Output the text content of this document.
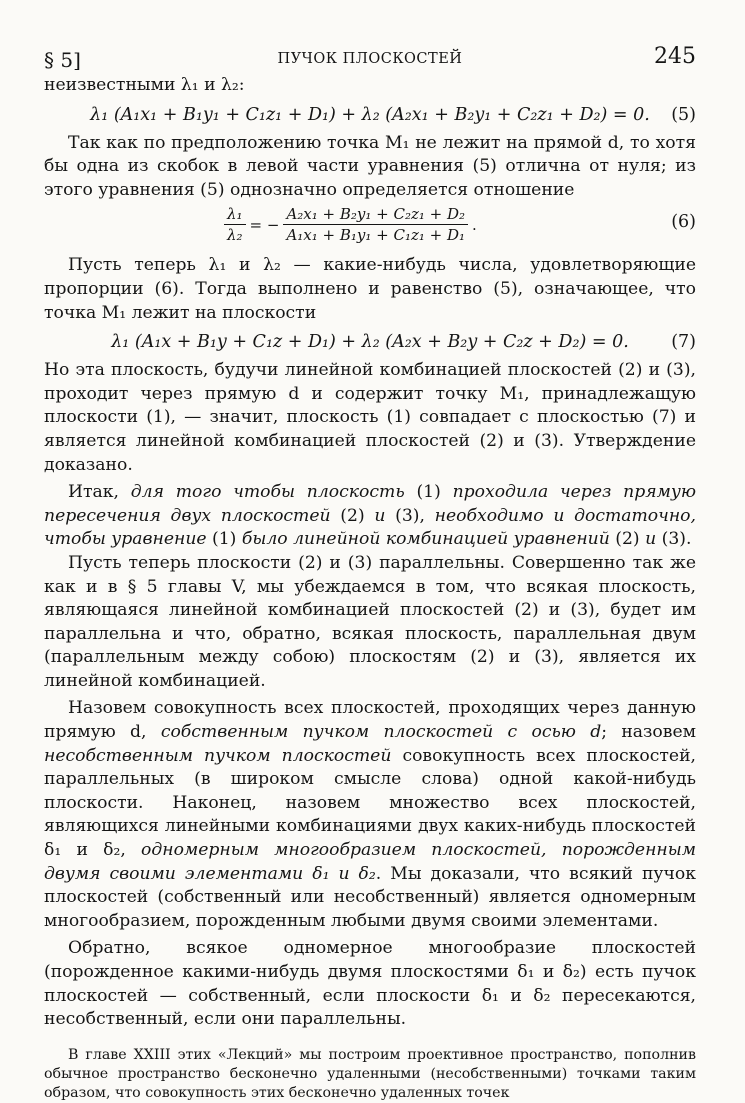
§ 5]	ПУЧОК ПЛОСКОСТЕЙ	245

неизвестными λ₁ и λ₂:

λ₁ (A₁x₁ + B₁y₁ + C₁z₁ + D₁) + λ₂ (A₂x₁ + B₂y₁ + C₂z₁ + D₂) = 0. (5)

Так как по предположению точка M₁ не лежит на прямой d, то хотя бы одна из скобок в левой части уравнения (5) отлична от нуля; из этого уравнения (5) однозначно определяется отношение

$\frac{\text{λ₁}}{\text{λ₂}}$ = − $\frac{\text{A₂x₁ + B₂y₁ + C₂z₁ + D₂}}{\text{A₁x₁ + B₁y₁ + C₁z₁ + D₁}}$ .	(6)

Пусть теперь λ₁ и λ₂ — какие-нибудь числа, удовлетворяющие пропорции (6). Тогда выполнено и равенство (5), означающее, что точка M₁ лежит на плоскости

λ₁ (A₁x + B₁y + C₁z + D₁) + λ₂ (A₂x + B₂y + C₂z + D₂) = 0. (7)

Но эта плоскость, будучи линейной комбинацией плоскостей (2) и (3), проходит через прямую d и содержит точку M₁, принадлежащую плоскости (1), — значит, плоскость (1) совпадает с плоскостью (7) и является линейной комбинацией плоскостей (2) и (3). Утверждение доказано.

Итак, для того чтобы плоскость (1) проходила через прямую пересечения двух плоскостей (2) и (3), необходимо и достаточно, чтобы уравнение (1) было линейной комбинацией уравнений (2) и (3).

Пусть теперь плоскости (2) и (3) параллельны. Совершенно так же как и в § 5 главы V, мы убеждаемся в том, что всякая плоскость, являющаяся линейной комбинацией плоскостей (2) и (3), будет им параллельна и что, обратно, всякая плоскость, параллельная двум (параллельным между собою) плоскостям (2) и (3), является их линейной комбинацией.

Назовем совокупность всех плоскостей, проходящих через данную прямую d, собственным пучком плоскостей с осью d; назовем несобственным пучком плоскостей совокупность всех плоскостей, параллельных (в широком смысле слова) одной какой-нибудь плоскости. Наконец, назовем множество всех плоскостей, являющихся линейными комбинациями двух каких-нибудь плоскостей δ₁ и δ₂, одномерным многообразием плоскостей, порожденным двумя своими элементами δ₁ и δ₂. Мы доказали, что всякий пучок плоскостей (собственный или несобственный) является одномерным многообразием, порожденным любыми двумя своими элементами.

Обратно, всякое одномерное многообразие плоскостей (порожденное какими-нибудь двумя плоскостями δ₁ и δ₂) есть пучок плоскостей — собственный, если плоскости δ₁ и δ₂ пересекаются, несобственный, если они параллельны.

В главе XXIII этих «Лекций» мы построим проективное пространство, пополнив обычное пространство бесконечно удаленными (несобственными) точками таким образом, что совокупность этих бесконечно удаленных точек
